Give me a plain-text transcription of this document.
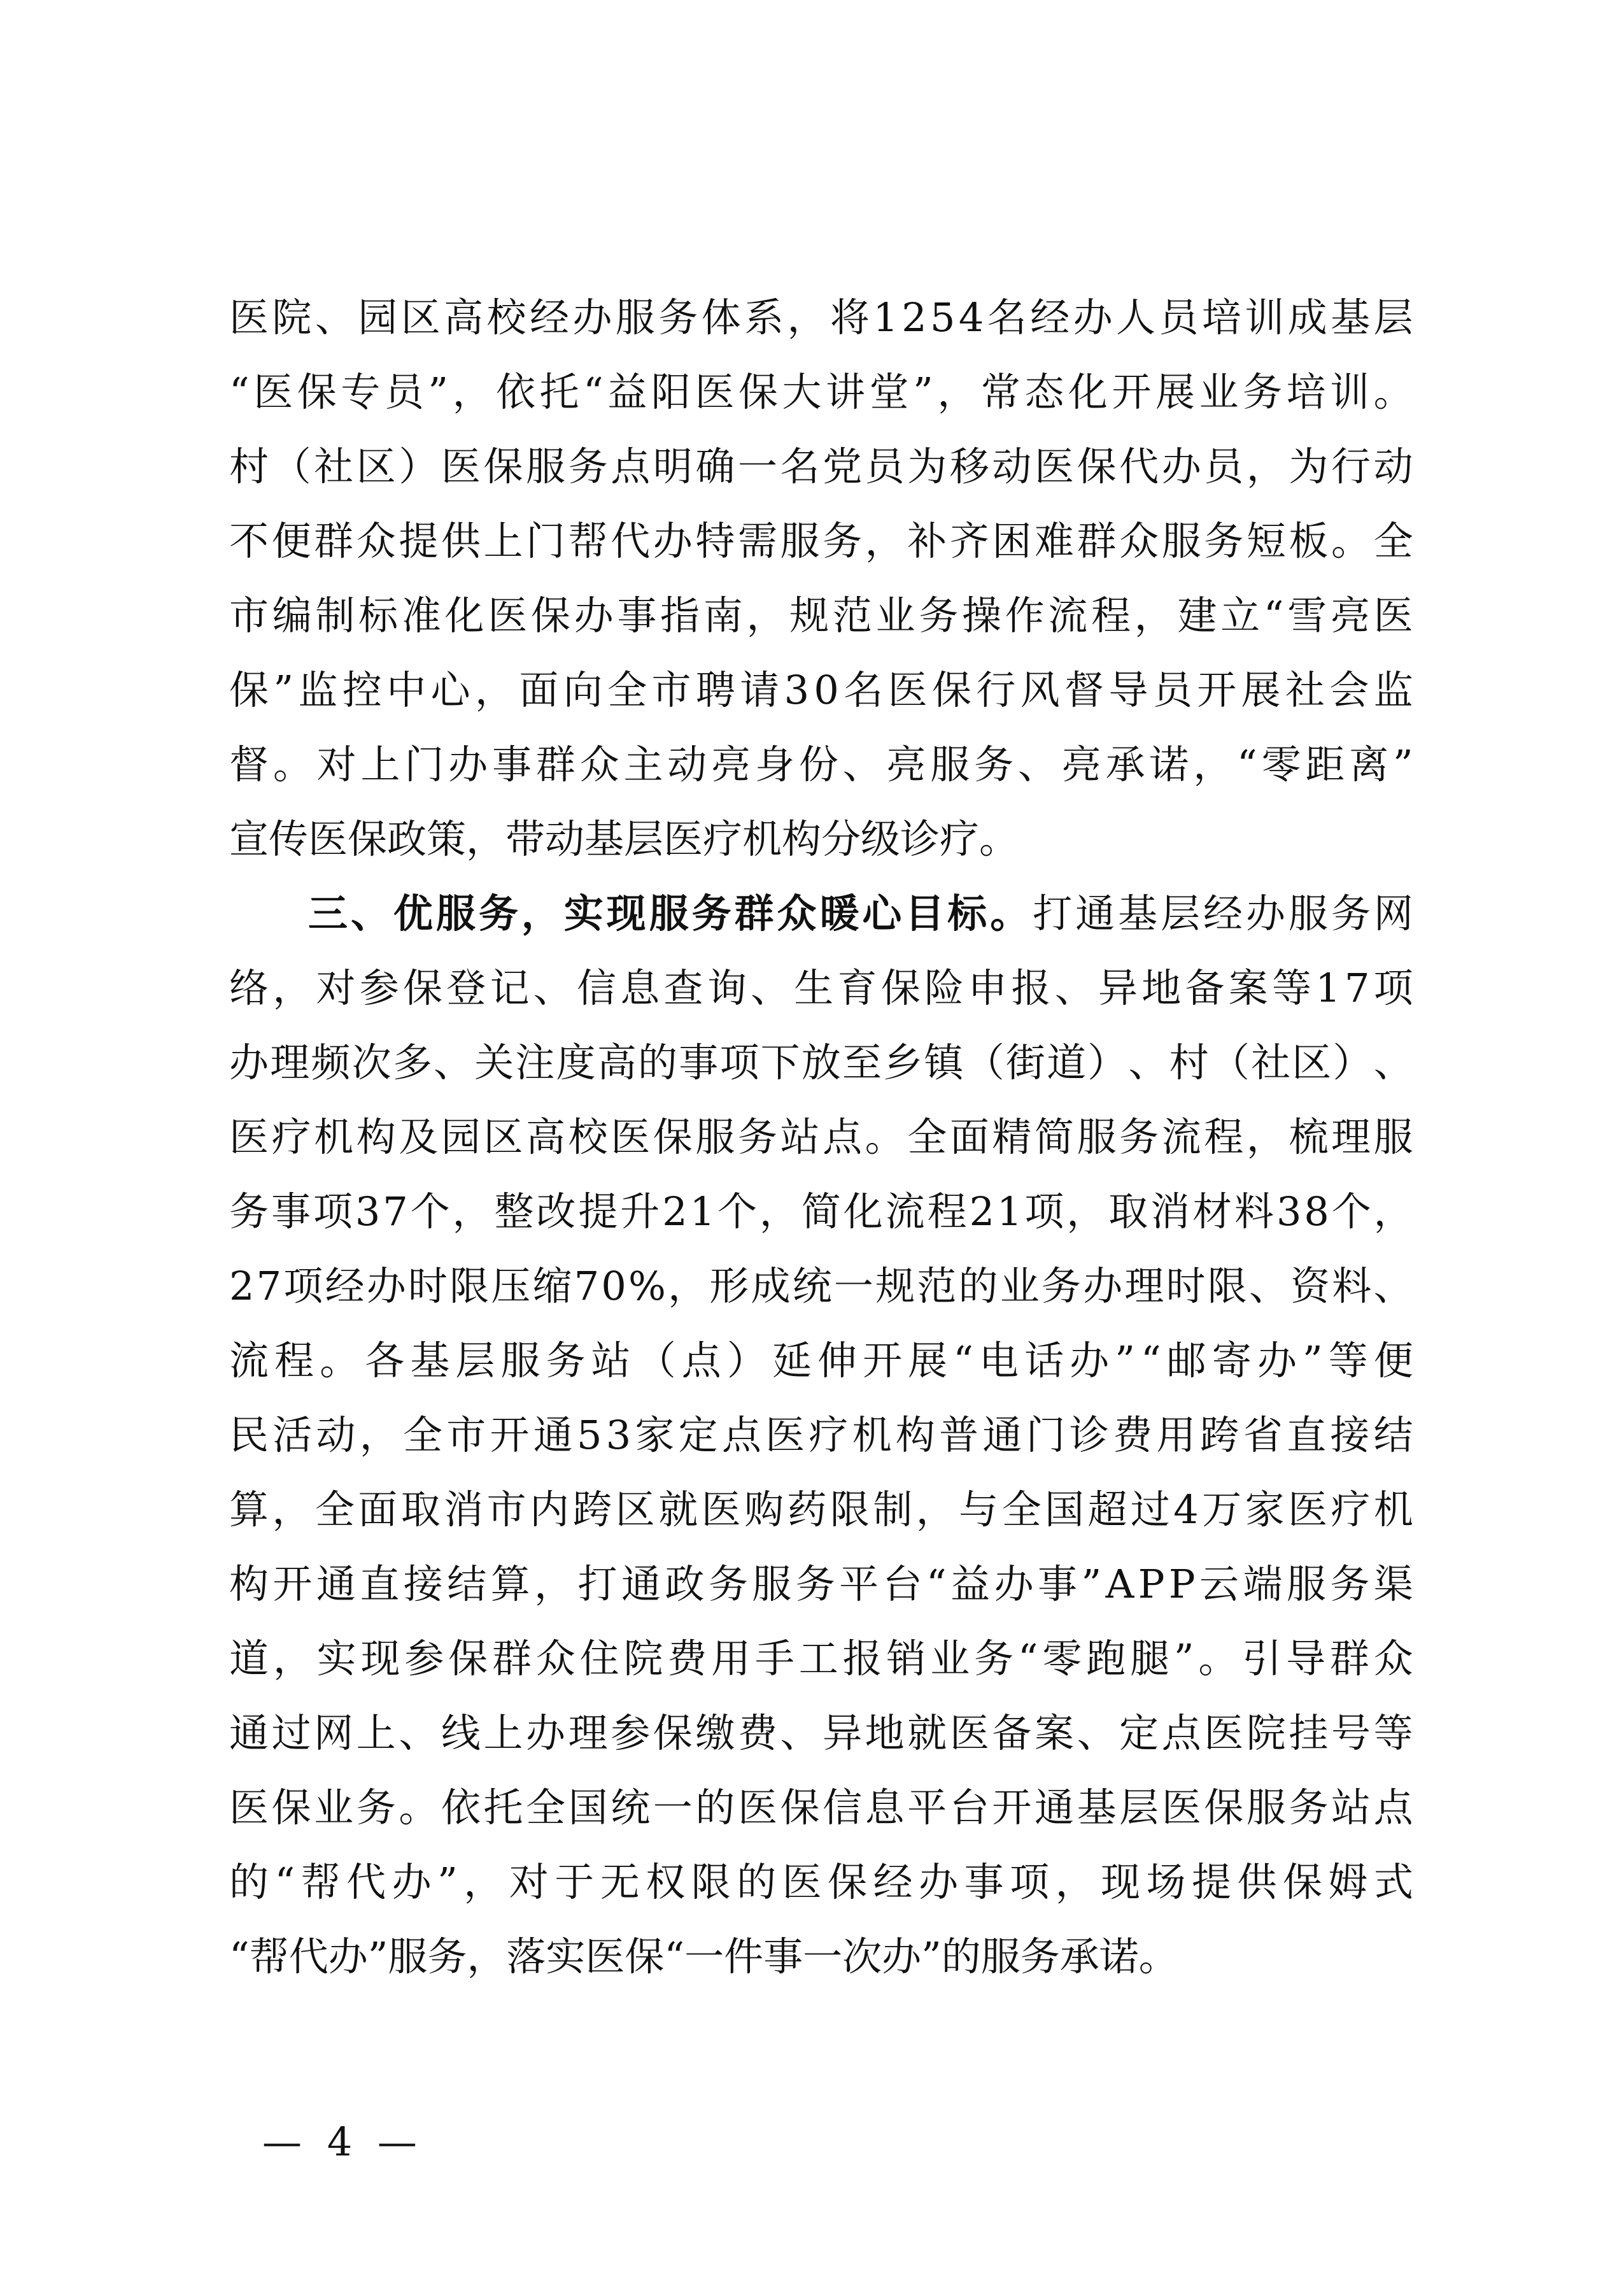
医 院 、 园 区 高 校 经 办 服 务 体 系 ， 将 1 2 5 4 名 经 办 人 员 培 训 成 基 层
“ 医 保 专 员 ” ， 依 托 “ 益 阳 医 保 大 讲 堂 ” ， 常 态 化 开 展 业 务 培 训 。
村 （ 社 区 ） 医 保 服 务 点 明 确 一 名 党 员 为 移 动 医 保 代 办 员 ， 为 行 动
不 便 群 众 提 供 上 门 帮 代 办 特 需 服 务 ， 补 齐 困 难 群 众 服 务 短 板 。 全
市 编 制 标 准 化 医 保 办 事 指 南 ， 规 范 业 务 操 作 流 程 ， 建 立 “ 雪 亮 医
保 ” 监 控 中 心 ， 面 向 全 市 聘 请 3 0 名 医 保 行 风 督 导 员 开 展 社 会 监
督 。 对 上 门 办 事 群 众 主 动 亮 身 份 、 亮 服 务 、 亮 承 诺 ， “ 零 距 离 ”
宣传医保政策，带动基层医疗机构分级诊疗。
三 、 优 服 务 ， 实 现 服 务 群 众 暖 心 目 标 。 打 通 基 层 经 办 服 务 网
络 ， 对 参 保 登 记 、 信 息 查 询 、 生 育 保 险 申 报 、 异 地 备 案 等 1 7 项
办 理 频 次 多 、 关 注 度 高 的 事 项 下 放 至 乡 镇 （ 街 道 ） 、 村 （ 社 区 ） 、
医 疗 机 构 及 园 区 高 校 医 保 服 务 站 点 。 全 面 精 简 服 务 流 程 ， 梳 理 服
务 事 项 3 7 个 ， 整 改 提 升 2 1 个 ， 简 化 流 程 2 1 项 ， 取 消 材 料 3 8 个 ，
2 7 项 经 办 时 限 压 缩 7 0 % ， 形 成 统 一 规 范 的 业 务 办 理 时 限 、 资 料 、
流 程 。 各 基 层 服 务 站 （ 点 ） 延 伸 开 展 “ 电 话 办 ” “ 邮 寄 办 ” 等 便
民 活 动 ， 全 市 开 通 5 3 家 定 点 医 疗 机 构 普 通 门 诊 费 用 跨 省 直 接 结
算 ， 全 面 取 消 市 内 跨 区 就 医 购 药 限 制 ， 与 全 国 超 过 4 万 家 医 疗 机
构 开 通 直 接 结 算 ， 打 通 政 务 服 务 平 台 “ 益 办 事 ” A P P 云 端 服 务 渠
道 ， 实 现 参 保 群 众 住 院 费 用 手 工 报 销 业 务 “ 零 跑 腿 ” 。 引 导 群 众
通 过 网 上 、 线 上 办 理 参 保 缴 费 、 异 地 就 医 备 案 、 定 点 医 院 挂 号 等
医 保 业 务 。 依 托 全 国 统 一 的 医 保 信 息 平 台 开 通 基 层 医 保 服 务 站 点
的 “ 帮 代 办 ” ， 对 于 无 权 限 的 医 保 经 办 事 项 ， 现 场 提 供 保 姆 式
“帮代办”服务，落实医保“一件事一次办”的服务承诺。
— 4 —
